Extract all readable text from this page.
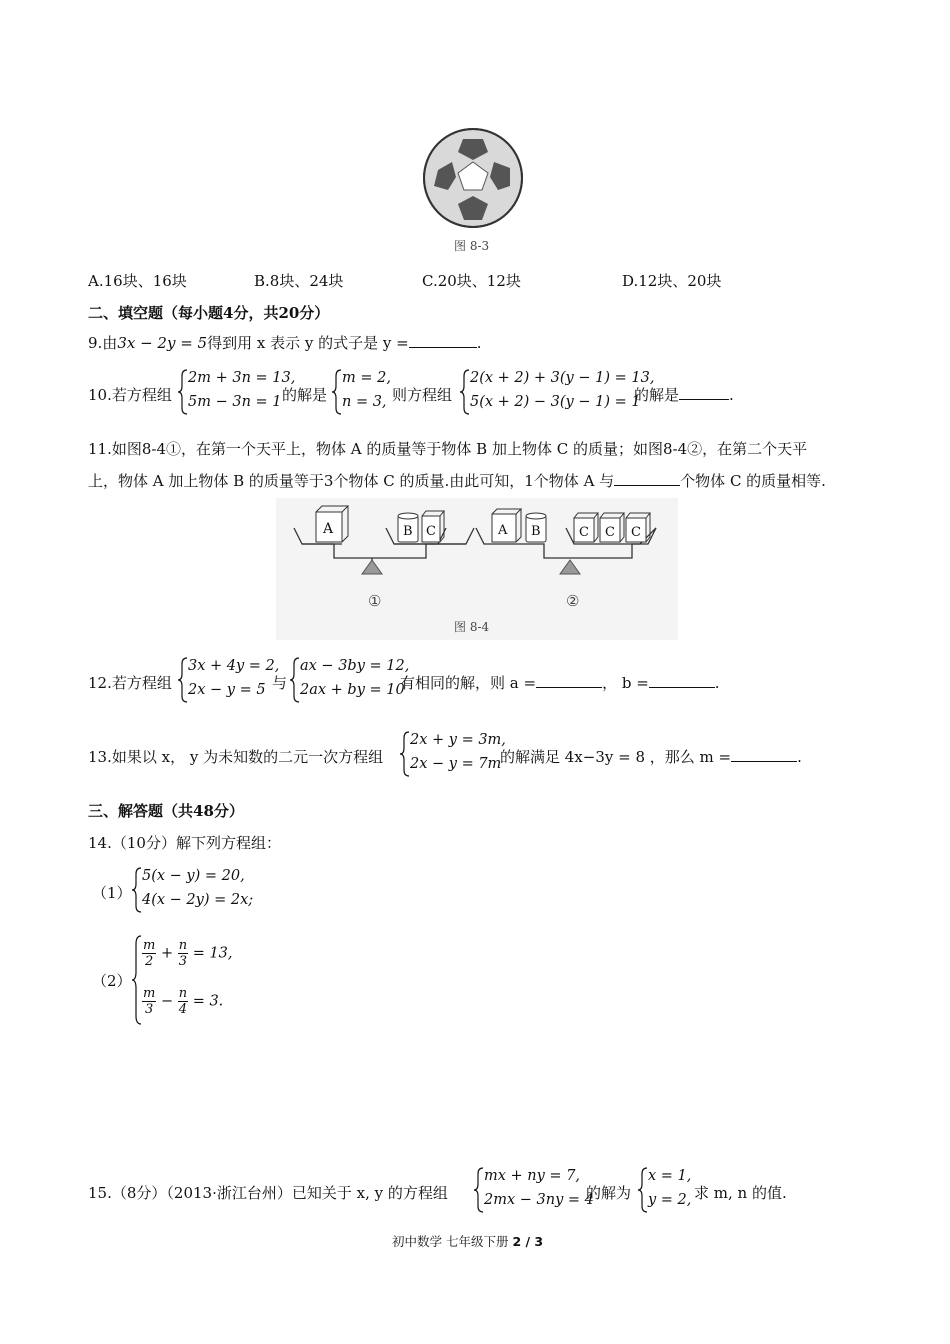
图 8-3
A.16块、16块	B.8块、24块	C.20块、12块	D.12块、20块
二、填空题（每小题4分，共20分）
9.由3x − 2y = 5得到用 x 表示 y 的式子是 y =	.
10.若方程组
2m + 3n = 13,
5m − 3n = 1 的解是
m = 2,
n = 3, 则方程组
2(x + 2) + 3(y − 1) = 13,
5(x + 2) − 3(y − 1) = 1
的解是	.
11.如图8-4①，在第一个天平上，物体 A 的质量等于物体 B 加上物体 C 的质量；如图8-4②，在第二个天平
上，物体 A 加上物体 B 的质量等于3个物体 C 的质量.由此可知，1个物体 A 与	个物体 C 的质量相等.
A	B C	A B	C C C
①	②
图 8-4
12.若方程组
3x + 4y = 2,
2x − y = 5 与
ax − 3by = 12,
2ax + by = 10
有相同的解，则 a =	， b =	.
13.如果以 x， y 为未知数的二元一次方程组
2x + y = 3m,
2x − y = 7m
的解满足 4x−3y = 8 ，那么 m =	.
三、解答题（共48分）
14.（10分）解下列方程组：
（1）
5(x − y) = 20,
4(x − 2y) = 2x;
（2）
$\frac{m}{2} + \frac{n}{3} = 13$,
$\frac{m}{3} - \frac{n}{4} = 3$.
15.（8分）（2013·浙江台州）已知关于 x, y 的方程组
mx + ny = 7,
2mx − 3ny = 4
的解为
x = 1,
y = 2, 求 m, n 的值.
初中数学 七年级下册 2 / 3
